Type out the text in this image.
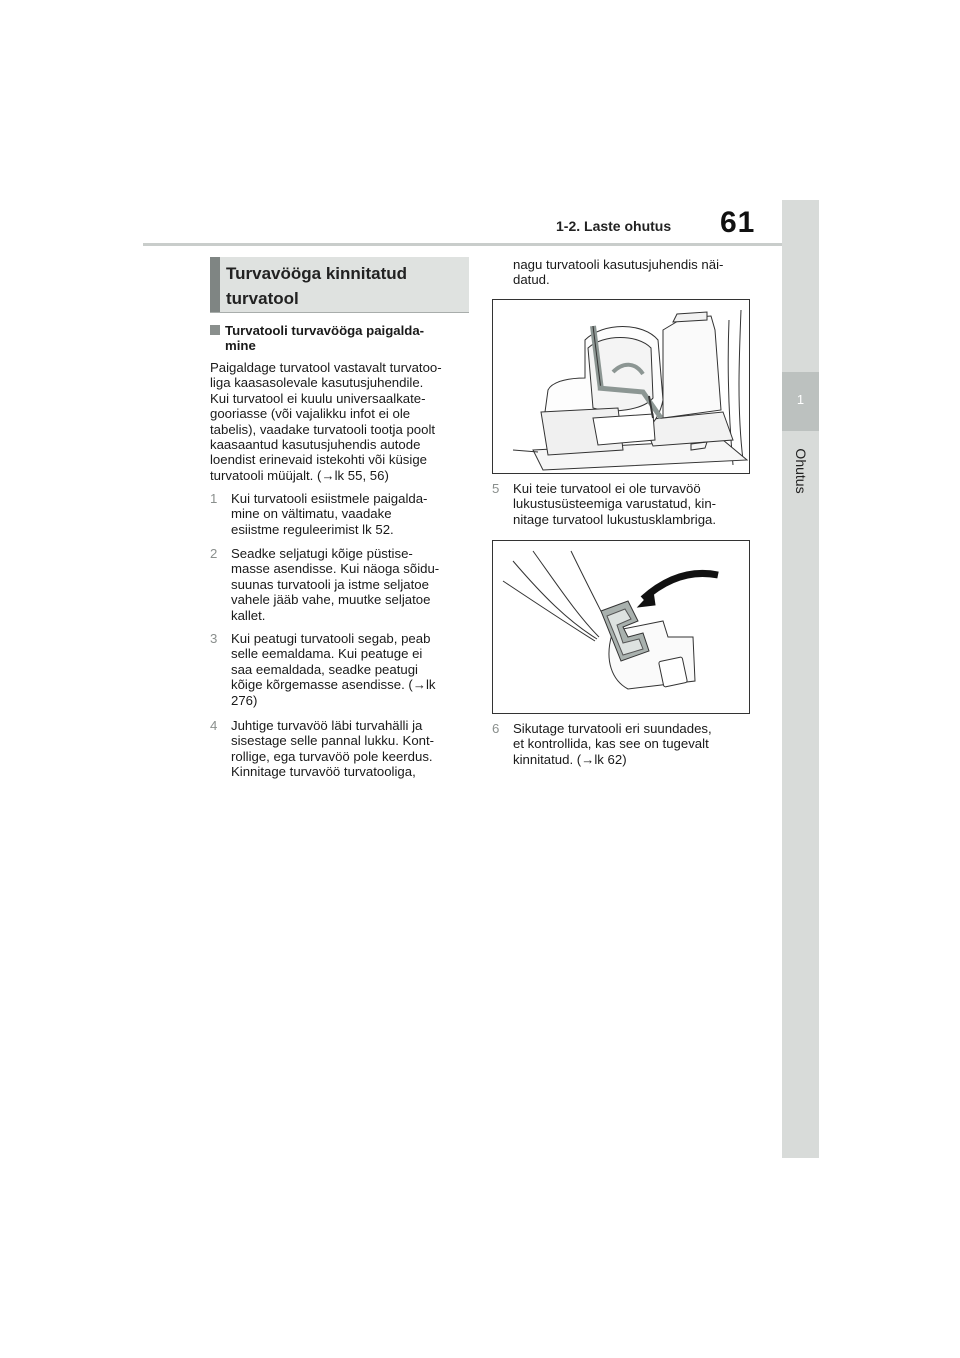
1-2. Laste ohutus 61
1
Ohutus
Turvavööga kinnitatud
turvatool
Turvatooli turvavööga paigalda-
mine
Paigaldage turvatool vastavalt turvatoo-
liga kaasasolevale kasutusjuhendile.
Kui turvatool ei kuulu universaalkate-
gooriasse (või vajalikku infot ei ole
tabelis), vaadake turvatooli tootja poolt
kaasaantud kasutusjuhendis autode
loendist erinevaid istekohti või küsige
turvatooli müüjalt. (→lk 55, 56)
1 Kui turvatooli esiistmele paigalda-
mine on vältimatu, vaadake
esiistme reguleerimist lk 52.
2 Seadke seljatugi kõige püstise-
masse asendisse. Kui näoga sõidu-
suunas turvatooli ja istme seljatoe
vahele jääb vahe, muutke seljatoe
kallet.
3 Kui peatugi turvatooli segab, peab
selle eemaldama. Kui peatuge ei
saa eemaldada, seadke peatugi
kõige kõrgemasse asendisse. (→lk
276)
4 Juhtige turvavöö läbi turvahälli ja
sisestage selle pannal lukku. Kont-
rollige, ega turvavöö pole keerdus.
Kinnitage turvavöö turvatooliga,
nagu turvatooli kasutusjuhendis näi-
datud.
5 Kui teie turvatool ei ole turvavöö
lukustusüsteemiga varustatud, kin-
nitage turvatool lukustusklambriga.
6 Sikutage turvatooli eri suundades,
et kontrollida, kas see on tugevalt
kinnitatud. (→lk 62)
